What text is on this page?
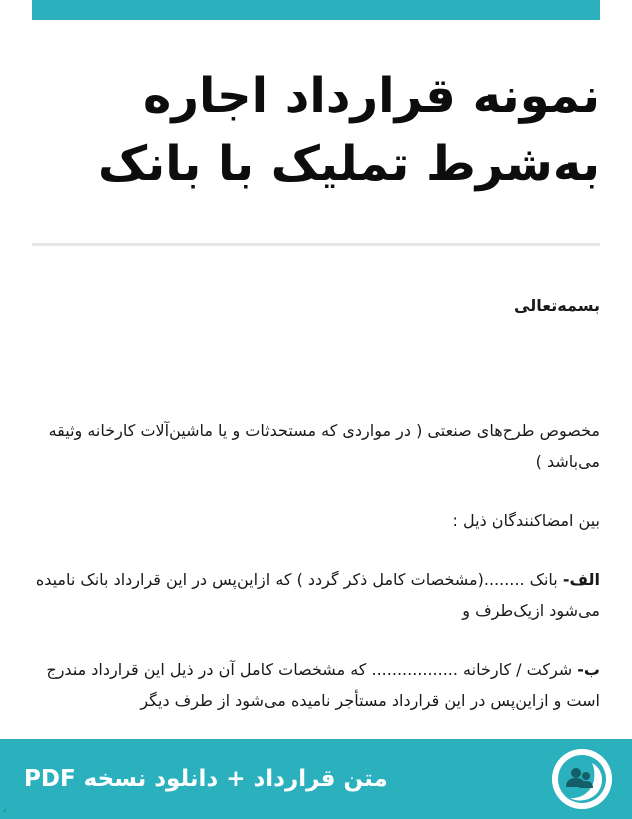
نمونه قرارداد اجاره به‌شرط تملیک با بانک

بسمه‌تعالی

مخصوص طرح‌های صنعتی ( در مواردی که مستحدثات و یا ماشین‌آلات کارخانه وثیقه می‌باشد )

بین امضاکنندگان ذیل :

الف- بانک ........(مشخصات کامل ذکر گردد ) که ازاین‌پس در این قرارداد بانک نامیده می‌شود ازیک‌طرف و

ب- شرکت / کارخانه ................. که مشخصات کامل آن در ذیل این قرارداد مندرج است و ازاین‌پس در این قرارداد مستأجر نامیده می‌شود از طرف دیگر

متن قرارداد + دانلود نسخه PDF
٫
